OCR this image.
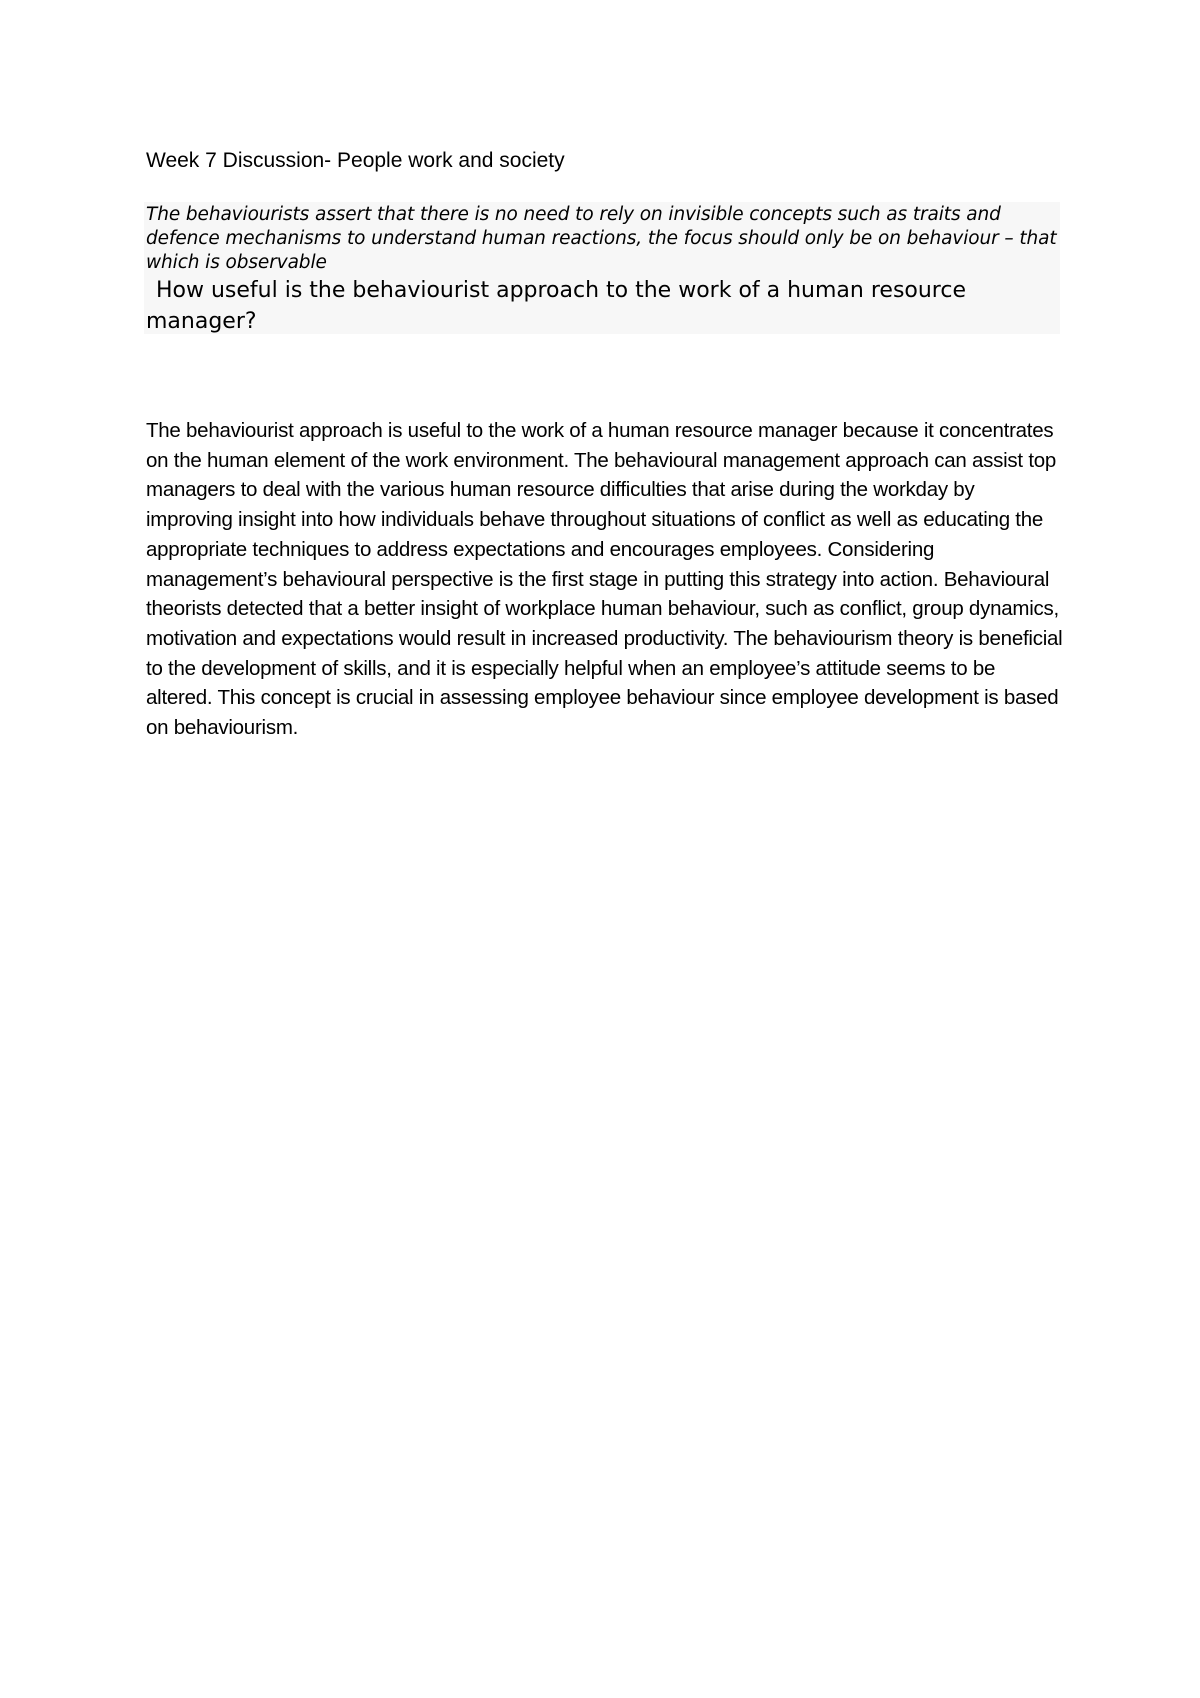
Week 7 Discussion- People work and society
The behaviourists assert that there is no need to rely on invisible concepts such as traits and defence mechanisms to understand human reactions, the focus should only be on behaviour – that which is observable
How useful is the behaviourist approach to the work of a human resource manager?
The behaviourist approach is useful to the work of a human resource manager because it concentrates on the human element of the work environment. The behavioural management approach can assist top managers to deal with the various human resource difficulties that arise during the workday by improving insight into how individuals behave throughout situations of conflict as well as educating the appropriate techniques to address expectations and encourages employees. Considering management’s behavioural perspective is the first stage in putting this strategy into action. Behavioural theorists detected that a better insight of workplace human behaviour, such as conflict, group dynamics, motivation and expectations would result in increased productivity. The behaviourism theory is beneficial to the development of skills, and it is especially helpful when an employee’s attitude seems to be altered. This concept is crucial in assessing employee behaviour since employee development is based on behaviourism.
